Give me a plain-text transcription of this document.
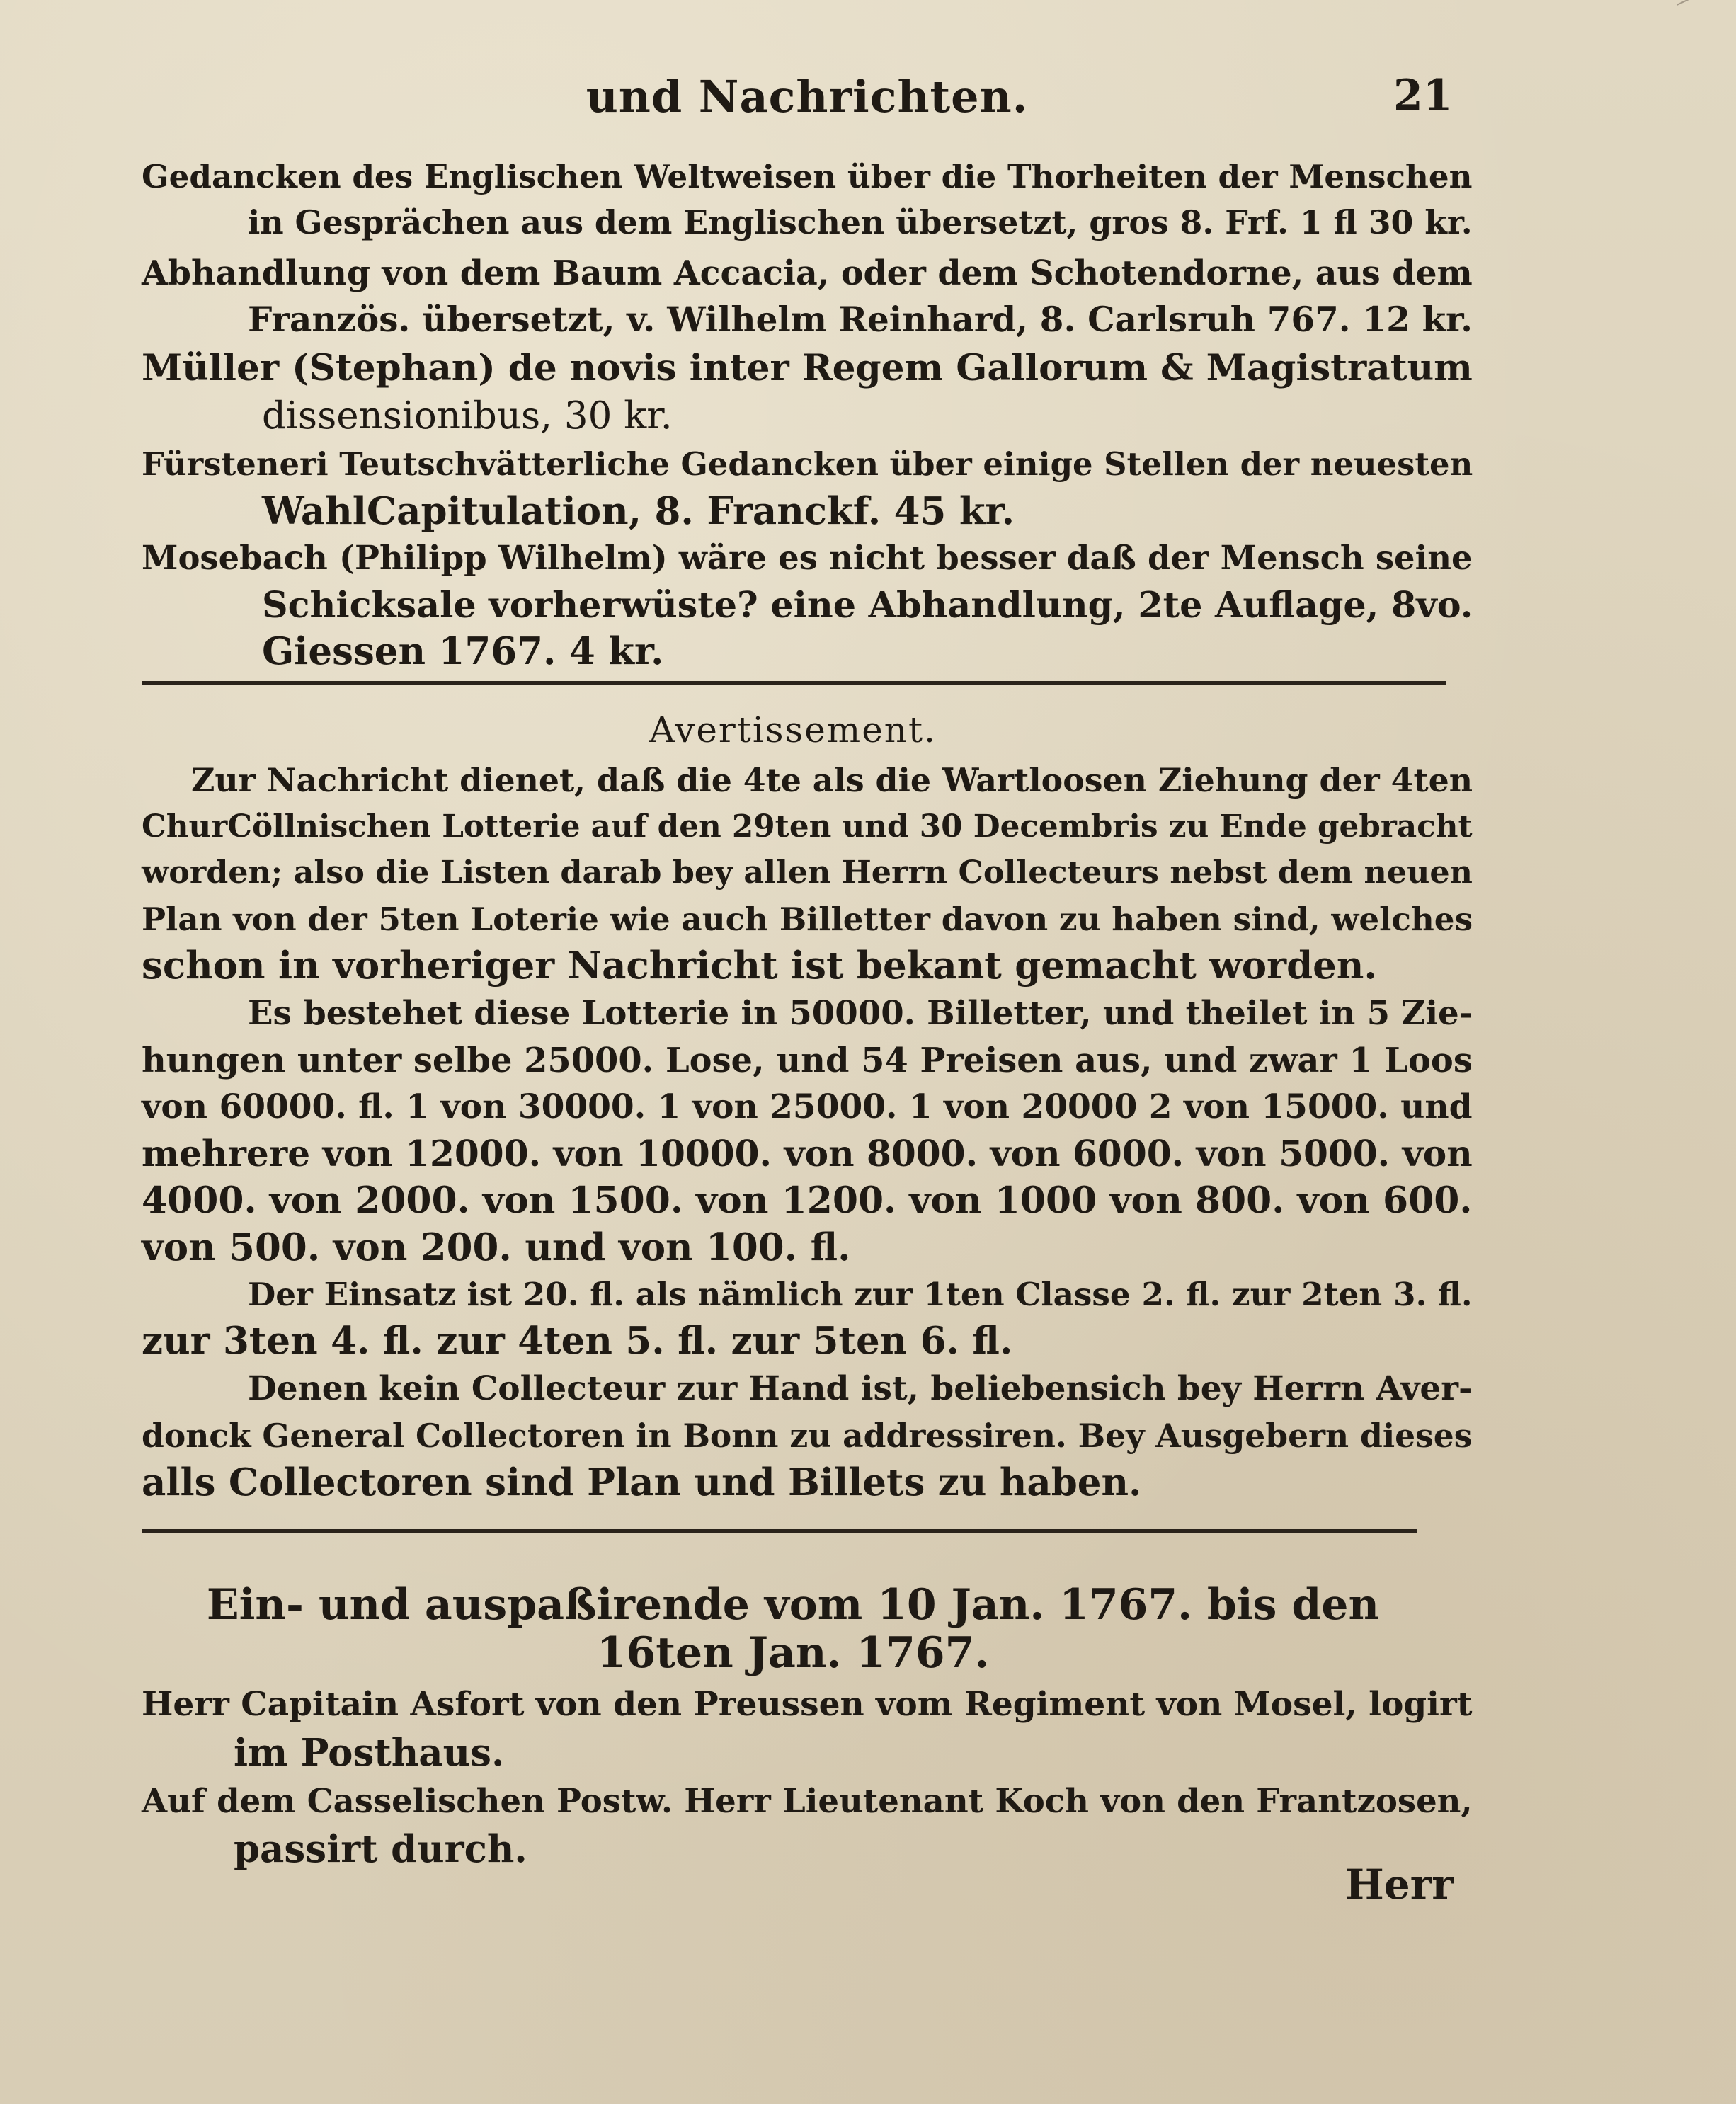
und Nachrichten.	21
Gedancken des Englischen Weltweisen über die Thorheiten der Menschen
in Gesprächen aus dem Englischen übersetzt, gros 8. Frf. 1 fl 30 kr.
Abhandlung von dem Baum Accacia, oder dem Schotendorne, aus dem
Französ. übersetzt, v. Wilhelm Reinhard, 8. Carlsruh 767. 12 kr.
Müller (Stephan) de novis inter Regem Gallorum & Magistratum
dissensionibus, 30 kr.
Fürsteneri Teutschvätterliche Gedancken über einige Stellen der neuesten
WahlCapitulation, 8. Franckf. 45 kr.
Mosebach (Philipp Wilhelm) wäre es nicht besser daß der Mensch seine
Schicksale vorherwüste? eine Abhandlung, 2te Auflage, 8vo.
Giessen 1767. 4 kr.
Avertissement.
Zur Nachricht dienet, daß die 4te als die Wartloosen Ziehung der 4ten
ChurCöllnischen Lotterie auf den 29ten und 30 Decembris zu Ende gebracht
worden; also die Listen darab bey allen Herrn Collecteurs nebst dem neuen
Plan von der 5ten Loterie wie auch Billetter davon zu haben sind, welches
schon in vorheriger Nachricht ist bekant gemacht worden.
Es bestehet diese Lotterie in 50000. Billetter, und theilet in 5 Zie-
hungen unter selbe 25000. Lose, und 54 Preisen aus, und zwar 1 Loos
von 60000. fl. 1 von 30000. 1 von 25000. 1 von 20000 2 von 15000. und
mehrere von 12000. von 10000. von 8000. von 6000. von 5000. von
4000. von 2000. von 1500. von 1200. von 1000 von 800. von 600.
von 500. von 200. und von 100. fl.
Der Einsatz ist 20. fl. als nämlich zur 1ten Classe 2. fl. zur 2ten 3. fl.
zur 3ten 4. fl. zur 4ten 5. fl. zur 5ten 6. fl.
Denen kein Collecteur zur Hand ist, beliebensich bey Herrn Aver-
donck General Collectoren in Bonn zu addressiren. Bey Ausgebern dieses
alls Collectoren sind Plan und Billets zu haben.
Ein- und auspaßirende vom 10 Jan. 1767. bis den
16ten Jan. 1767.
Herr Capitain Asfort von den Preussen vom Regiment von Mosel, logirt
im Posthaus.
Auf dem Casselischen Postw. Herr Lieutenant Koch von den Frantzosen,
passirt durch.
Herr
